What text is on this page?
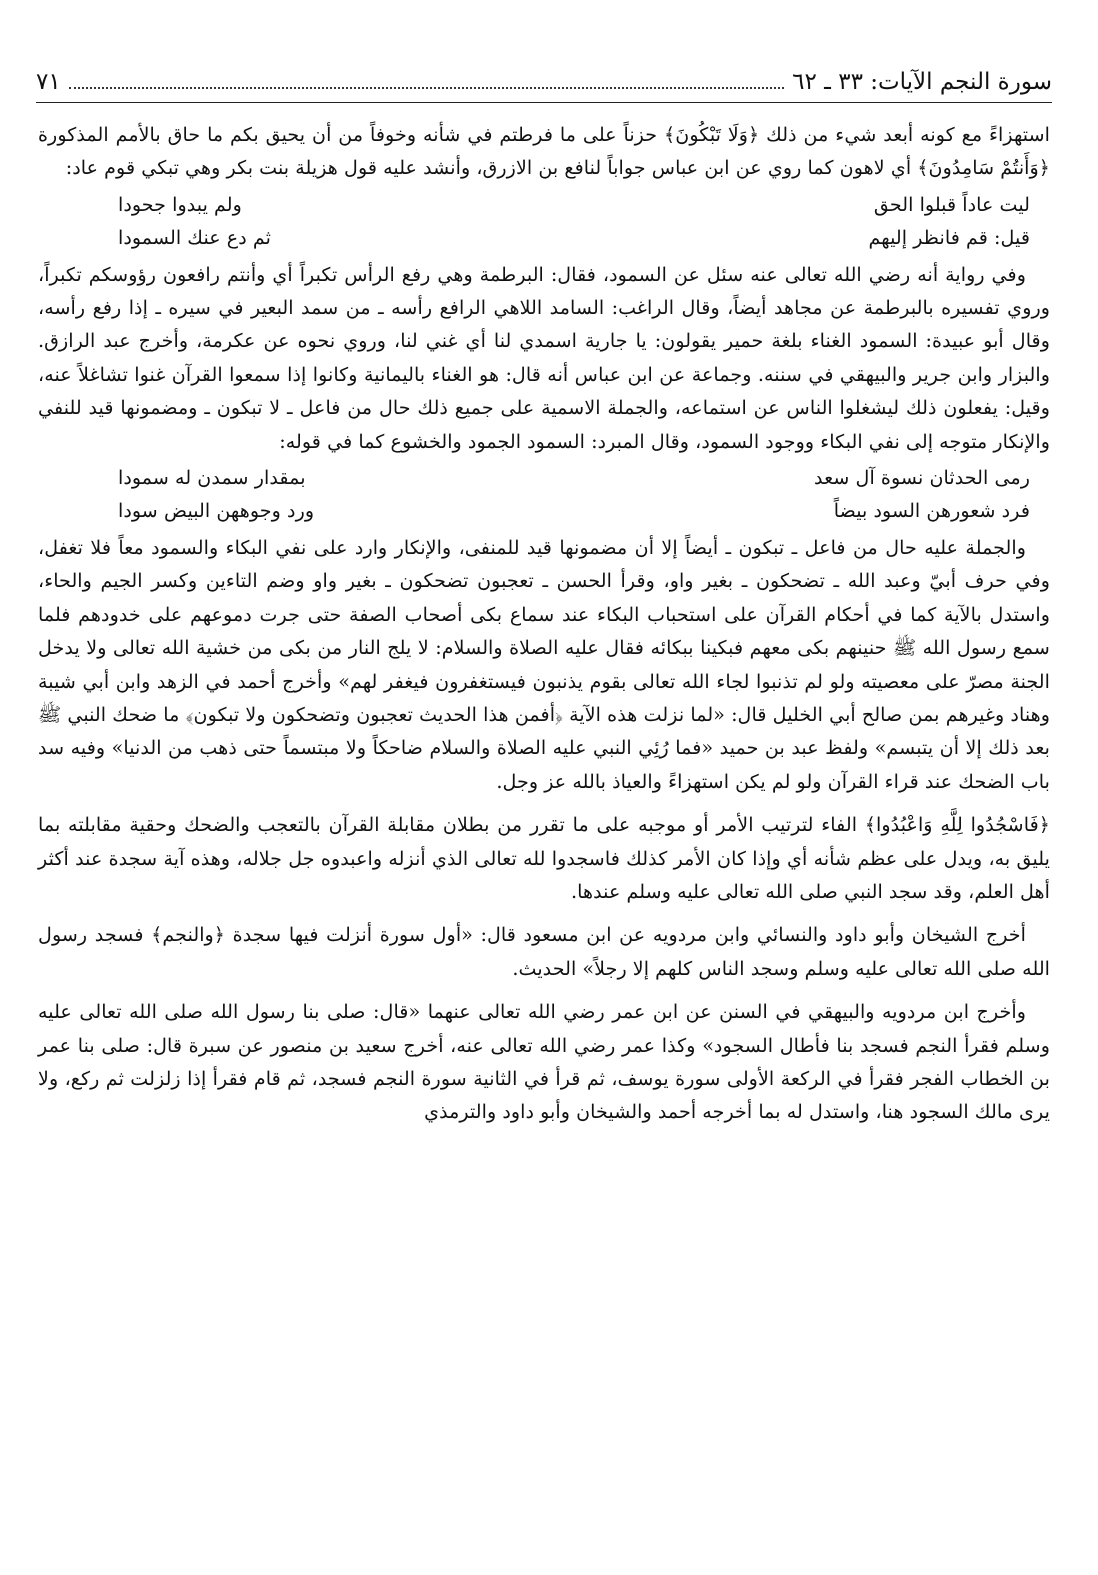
سورة النجم الآيات: ٣٣ ـ ٦٢
٧١

استهزاءً مع كونه أبعد شيء من ذلك ﴿وَلَا تَبْكُونَ﴾ حزناً على ما فرطتم في شأنه وخوفاً من أن يحيق بكم ما حاق بالأمم المذكورة ﴿وَأَنتُمْ سَامِدُونَ﴾ أي لاهون كما روي عن ابن عباس جواباً لنافع بن الازرق، وأنشد عليه قول هزيلة بنت بكر وهي تبكي قوم عاد:

ليت عاداً قبلوا الحق
ولم يبدوا جحودا
قيل: قم فانظر إليهم
ثم دع عنك السمودا

وفي رواية أنه رضي الله تعالى عنه سئل عن السمود، فقال: البرطمة وهي رفع الرأس تكبراً أي وأنتم رافعون رؤوسكم تكبراً، وروي تفسيره بالبرطمة عن مجاهد أيضاً، وقال الراغب: السامد اللاهي الرافع رأسه ـ من سمد البعير في سيره ـ إذا رفع رأسه، وقال أبو عبيدة: السمود الغناء بلغة حمير يقولون: يا جارية اسمدي لنا أي غني لنا، وروي نحوه عن عكرمة، وأخرج عبد الرازق. والبزار وابن جرير والبيهقي في سننه. وجماعة عن ابن عباس أنه قال: هو الغناء باليمانية وكانوا إذا سمعوا القرآن غنوا تشاغلاً عنه، وقيل: يفعلون ذلك ليشغلوا الناس عن استماعه، والجملة الاسمية على جميع ذلك حال من فاعل ـ لا تبكون ـ ومضمونها قيد للنفي والإنكار متوجه إلى نفي البكاء ووجود السمود، وقال المبرد: السمود الجمود والخشوع كما في قوله:

رمى الحدثان نسوة آل سعد
بمقدار سمدن له سمودا
فرد شعورهن السود بيضاً
ورد وجوههن البيض سودا

والجملة عليه حال من فاعل ـ تبكون ـ أيضاً إلا أن مضمونها قيد للمنفى، والإنكار وارد على نفي البكاء والسمود معاً فلا تغفل، وفي حرف أبيّ وعبد الله ـ تضحكون ـ بغير واو، وقرأ الحسن ـ تعجبون تضحكون ـ بغير واو وضم التاءين وكسر الجيم والحاء، واستدل بالآية كما في أحكام القرآن على استحباب البكاء عند سماع بكى أصحاب الصفة حتى جرت دموعهم على خدودهم فلما سمع رسول الله ﷺ حنينهم بكى معهم فبكينا ببكائه فقال عليه الصلاة والسلام: لا يلج النار من بكى من خشية الله تعالى ولا يدخل الجنة مصرّ على معصيته ولو لم تذنبوا لجاء الله تعالى بقوم يذنبون فيستغفرون فيغفر لهم» وأخرج أحمد في الزهد وابن أبي شيبة وهناد وغيرهم بمن صالح أبي الخليل قال: «لما نزلت هذه الآية ﴿أفمن هذا الحديث تعجبون وتضحكون ولا تبكون﴾ ما ضحك النبي ﷺ بعد ذلك إلا أن يتبسم» ولفظ عبد بن حميد «فما رُئِي النبي عليه الصلاة والسلام ضاحكاً ولا مبتسماً حتى ذهب من الدنيا» وفيه سد باب الضحك عند قراء القرآن ولو لم يكن استهزاءً والعياذ بالله عز وجل.

﴿فَاسْجُدُوا لِلَّهِ وَاعْبُدُوا﴾ الفاء لترتيب الأمر أو موجبه على ما تقرر من بطلان مقابلة القرآن بالتعجب والضحك وحقية مقابلته بما يليق به، ويدل على عظم شأنه أي وإذا كان الأمر كذلك فاسجدوا لله تعالى الذي أنزله واعبدوه جل جلاله، وهذه آية سجدة عند أكثر أهل العلم، وقد سجد النبي صلى الله تعالى عليه وسلم عندها.

أخرج الشيخان وأبو داود والنسائي وابن مردويه عن ابن مسعود قال: «أول سورة أنزلت فيها سجدة ﴿والنجم﴾ فسجد رسول الله صلى الله تعالى عليه وسلم وسجد الناس كلهم إلا رجلاً» الحديث.

وأخرج ابن مردويه والبيهقي في السنن عن ابن عمر رضي الله تعالى عنهما «قال: صلى بنا رسول الله صلى الله تعالى عليه وسلم فقرأ النجم فسجد بنا فأطال السجود» وكذا عمر رضي الله تعالى عنه، أخرج سعيد بن منصور عن سبرة قال: صلى بنا عمر بن الخطاب الفجر فقرأ في الركعة الأولى سورة يوسف، ثم قرأ في الثانية سورة النجم فسجد، ثم قام فقرأ إذا زلزلت ثم ركع، ولا يرى مالك السجود هنا، واستدل له بما أخرجه أحمد والشيخان وأبو داود والترمذي
